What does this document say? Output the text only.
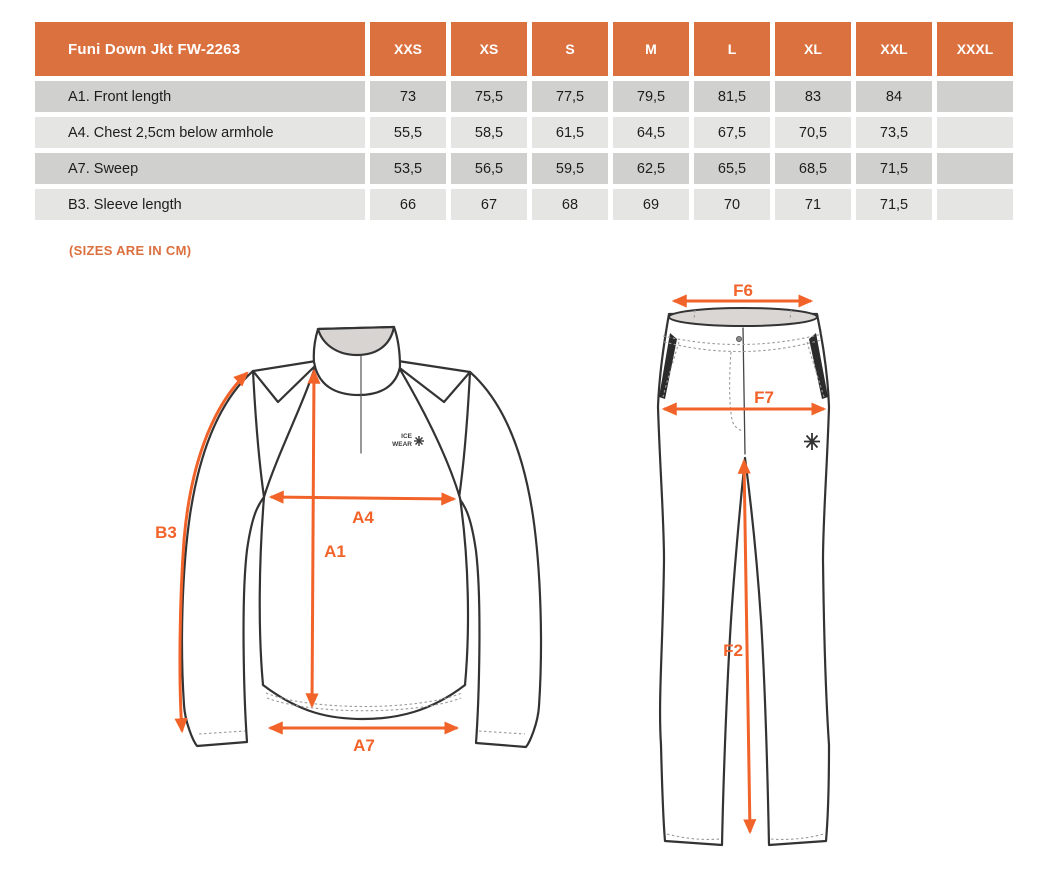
Funi Down Jkt FW-2263	XXS	XS	S	M	L	XL	XXL	XXXL
A1. Front length	73	75,5	77,5	79,5	81,5	83	84
A4. Chest 2,5cm below armhole	55,5	58,5	61,5	64,5	67,5	70,5	73,5
A7. Sweep	53,5	56,5	59,5	62,5	65,5	68,5	71,5
B3. Sleeve length	66	67	68	69	70	71	71,5
(SIZES ARE IN CM)
ICE
WEAR
B3
A4
A1
A7
F6
F7
F2
